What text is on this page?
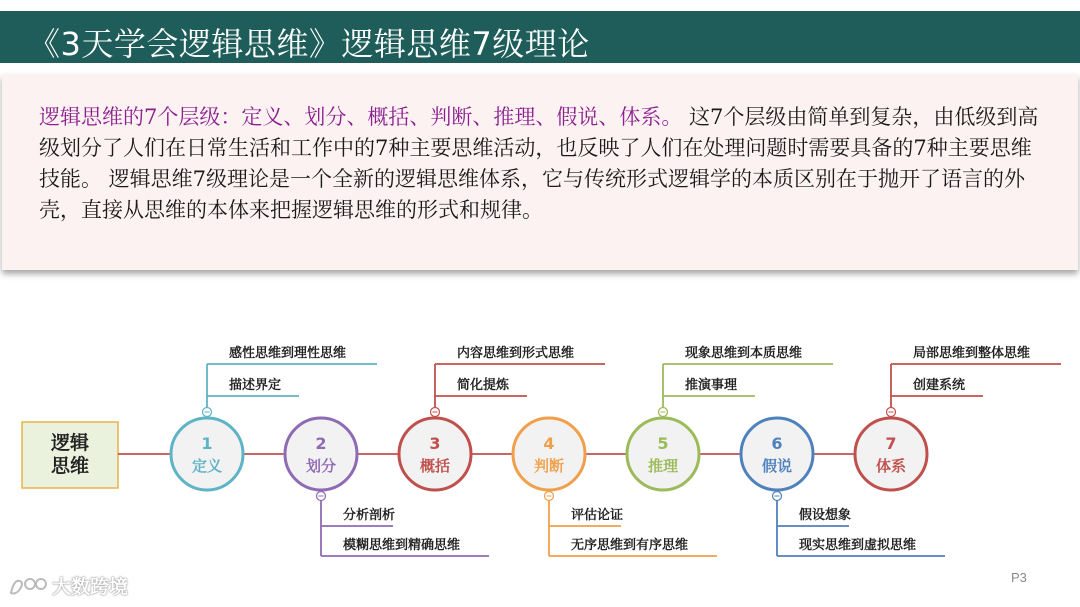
《3天学会逻辑思维》逻辑思维7级理论
逻辑思维的7个层级：定义、划分、概括、判断、推理、假说、体系。 这7个层级由简单到复杂，由低级到高级划分了人们在日常生活和工作中的7种主要思维活动，也反映了人们在处理问题时需要具备的7种主要思维技能。 逻辑思维7级理论是一个全新的逻辑思维体系，它与传统形式逻辑学的本质区别在于抛开了语言的外壳，直接从思维的本体来把握逻辑思维的形式和规律。
逻辑
思维
1
定义
感性思维到理性思维
描述界定
2
划分
分析剖析
模糊思维到精确思维
3
概括
内容思维到形式思维
简化提炼
4
判断
评估论证
无序思维到有序思维
5
推理
现象思维到本质思维
推演事理
6
假说
假设想象
现实思维到虚拟思维
7
体系
局部思维到整体思维
创建系统
P3
大数跨境
